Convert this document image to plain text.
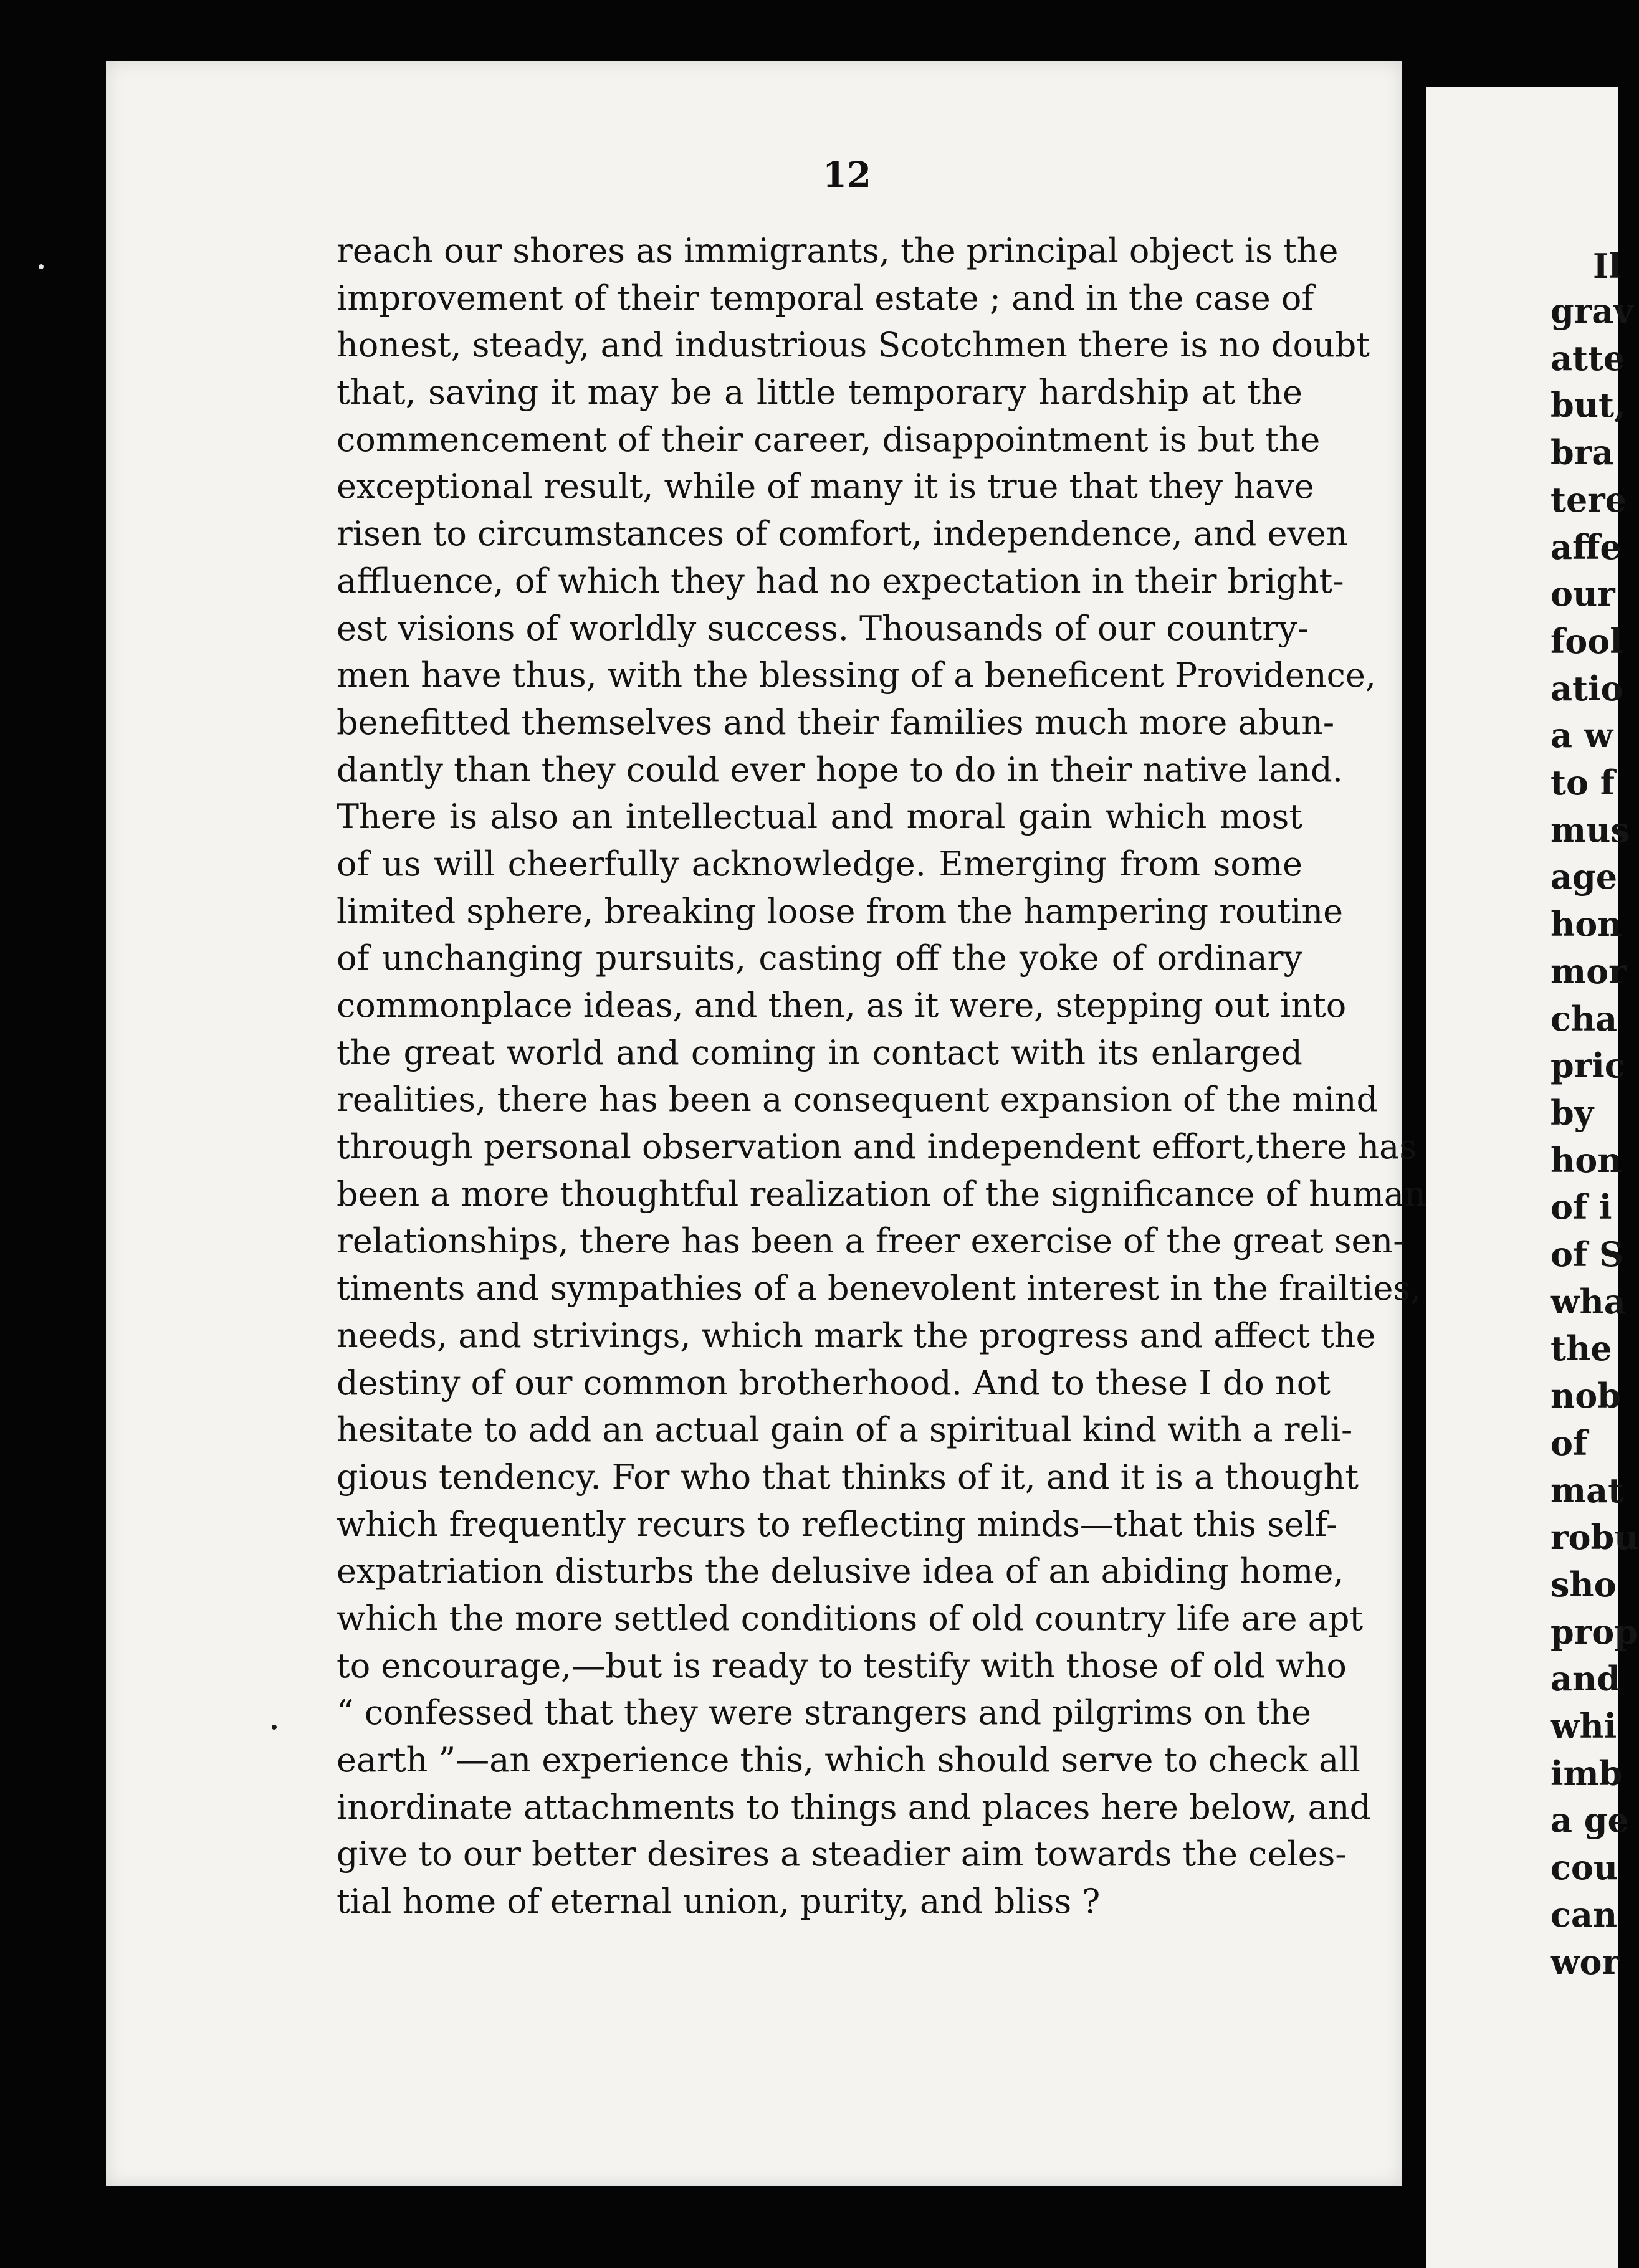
12
reach our shores as immigrants, the principal object is the
improvement of their temporal estate ; and in the case of
honest, steady, and industrious Scotchmen there is no doubt
that, saving it may be a little temporary hardship at the
commencement of their career, disappointment is but the
exceptional result, while of many it is true that they have
risen to circumstances of comfort, independence, and even
affluence, of which they had no expectation in their bright-
est visions of worldly success. Thousands of our country-
men have thus, with the blessing of a beneficent Providence,
benefitted themselves and their families much more abun-
dantly than they could ever hope to do in their native land.
There is also an intellectual and moral gain which most
of us will cheerfully acknowledge. Emerging from some
limited sphere, breaking loose from the hampering routine
of unchanging pursuits, casting off the yoke of ordinary
commonplace ideas, and then, as it were, stepping out into
the great world and coming in contact with its enlarged
realities, there has been a consequent expansion of the mind
through personal observation and independent effort,there has
been a more thoughtful realization of the significance of human
relationships, there has been a freer exercise of the great sen-
timents and sympathies of a benevolent interest in the frailties,
needs, and strivings, which mark the progress and affect the
destiny of our common brotherhood. And to these I do not
hesitate to add an actual gain of a spiritual kind with a reli-
gious tendency. For who that thinks of it, and it is a thought
which frequently recurs to reflecting minds—that this self-
expatriation disturbs the delusive idea of an abiding home,
which the more settled conditions of old country life are apt
to encourage,—but is ready to testify with those of old who
“ confessed that they were strangers and pilgrims on the
earth ”—an experience this, which should serve to check all
inordinate attachments to things and places here below, and
give to our better desires a steadier aim towards the celes-
tial home of eternal union, purity, and bliss ?
Il
grav
atte
but,
bra
tere
affe
our
fool
atio
a w
to f
mus
age
hon
mor
cha
pric
by
hon
of i
of S
wha
the
nob
of
mat
robu
sho
prop
and
whi
imb
a ge
cou
can
wor
